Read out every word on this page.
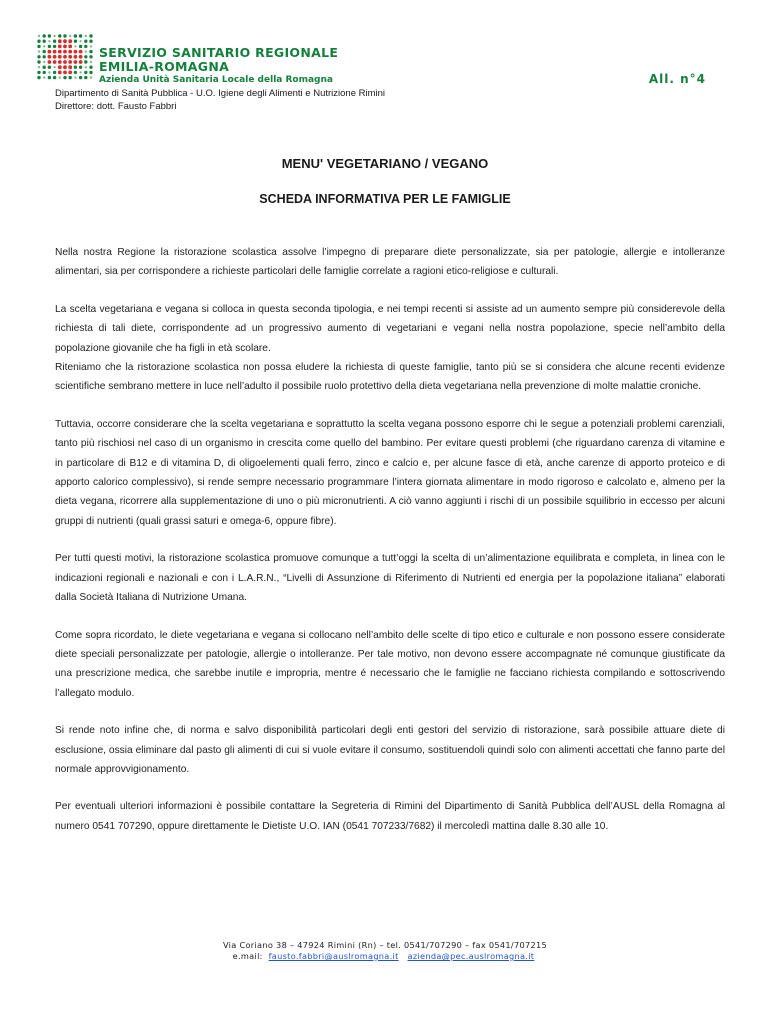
SERVIZIO SANITARIO REGIONALE
EMILIA-ROMAGNA
Azienda Unità Sanitaria Locale della Romagna	All. n°4
Dipartimento di Sanità Pubblica - U.O. Igiene degli Alimenti e Nutrizione Rimini
Direttore: dott. Fausto Fabbri
MENU' VEGETARIANO / VEGANO
SCHEDA INFORMATIVA PER LE FAMIGLIE

Nella nostra Regione la ristorazione scolastica assolve l’impegno di preparare diete personalizzate, sia per patologie, allergie e intolleranze alimentari, sia per corrispondere a richieste particolari delle famiglie correlate a ragioni etico-religiose e culturali.

La scelta vegetariana e vegana si colloca in questa seconda tipologia, e nei tempi recenti si assiste ad un aumento sempre più considerevole della richiesta di tali diete, corrispondente ad un progressivo aumento di vegetariani e vegani nella nostra popolazione, specie nell’ambito della popolazione giovanile che ha figli in età scolare.

Riteniamo che la ristorazione scolastica non possa eludere la richiesta di queste famiglie, tanto più se si considera che alcune recenti evidenze scientifiche sembrano mettere in luce nell’adulto il possibile ruolo protettivo della dieta vegetariana nella prevenzione di molte malattie croniche.

Tuttavia, occorre considerare che la scelta vegetariana e soprattutto la scelta vegana possono esporre chi le segue a potenziali problemi carenziali, tanto più rischiosi nel caso di un organismo in crescita come quello del bambino. Per evitare questi problemi (che riguardano carenza di vitamine e in particolare di B12 e di vitamina D, di oligoelementi quali ferro, zinco e calcio e, per alcune fasce di età, anche carenze di apporto proteico e di apporto calorico complessivo), si rende sempre necessario programmare l’intera giornata alimentare in modo rigoroso e calcolato e, almeno per la dieta vegana, ricorrere alla supplementazione di uno o più micronutrienti. A ciò vanno aggiunti i rischi di un possibile squilibrio in eccesso per alcuni gruppi di nutrienti (quali grassi saturi e omega-6, oppure fibre).

Per tutti questi motivi, la ristorazione scolastica promuove comunque a tutt’oggi la scelta di un’alimentazione equilibrata e completa, in linea con le indicazioni regionali e nazionali e con i L.A.R.N., “Livelli di Assunzione di Riferimento di Nutrienti ed energia per la popolazione italiana” elaborati dalla Società Italiana di Nutrizione Umana.

Come sopra ricordato, le diete vegetariana e vegana si collocano nell’ambito delle scelte di tipo etico e culturale e non possono essere considerate diete speciali personalizzate per patologie, allergie o intolleranze. Per tale motivo, non devono essere accompagnate né comunque giustificate da una prescrizione medica, che sarebbe inutile e impropria, mentre é necessario che le famiglie ne facciano richiesta compilando e sottoscrivendo l’allegato modulo.

Si rende noto infine che, di norma e salvo disponibilità particolari degli enti gestori del servizio di ristorazione, sarà possibile attuare diete di esclusione, ossia eliminare dal pasto gli alimenti di cui si vuole evitare il consumo, sostituendoli quindi solo con alimenti accettati che fanno parte del normale approvvigionamento.

Per eventuali ulteriori informazioni è possibile contattare la Segreteria di Rimini del Dipartimento di Sanità Pubblica dell’AUSL della Romagna al numero 0541 707290, oppure direttamente le Dietiste U.O. IAN (0541 707233/7682) il mercoledì mattina dalle 8.30 alle 10.

Via Coriano 38 – 47924 Rimini (Rn) – tel. 0541/707290 – fax 0541/707215
e.mail: fausto.fabbri@auslromagna.it azienda@pec.auslromagna.it
